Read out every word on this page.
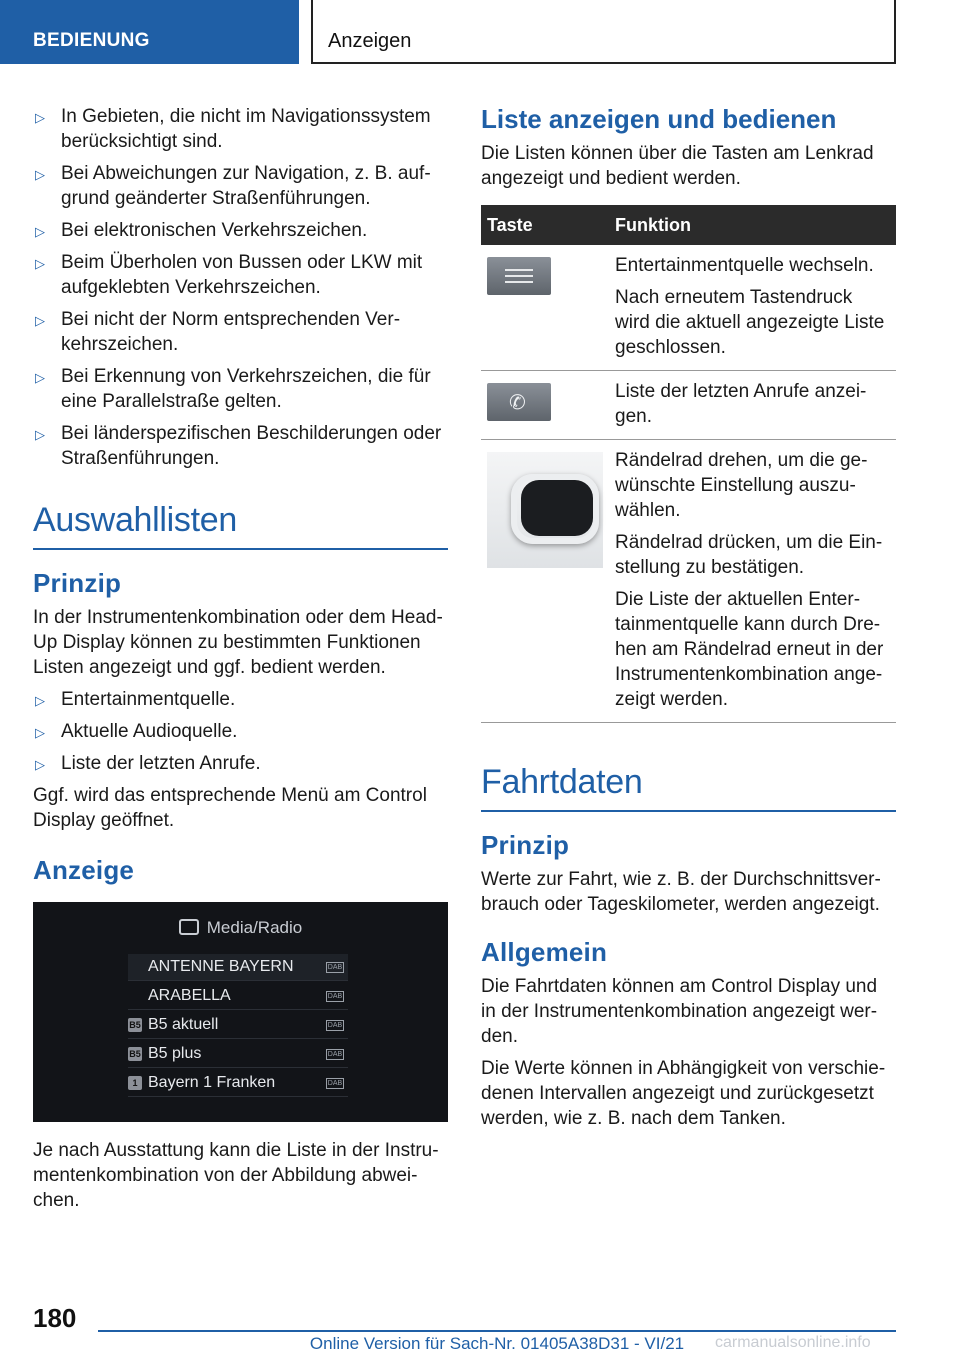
BEDIENUNG	Anzeigen
▷ In Gebieten, die nicht im Navigationssystem berücksichtigt sind.
▷ Bei Abweichungen zur Navigation, z. B. aufgrund geänderter Straßenführungen.
▷ Bei elektronischen Verkehrszeichen.
▷ Beim Überholen von Bussen oder LKW mit aufgeklebten Verkehrszeichen.
▷ Bei nicht der Norm entsprechenden Verkehrszeichen.
▷ Bei Erkennung von Verkehrszeichen, die für eine Parallelstraße gelten.
▷ Bei länderspezifischen Beschilderungen oder Straßenführungen.
Auswahllisten
Prinzip

In der Instrumentenkombination oder dem Head-Up Display können zu bestimmten Funktionen Listen angezeigt und ggf. bedient werden.

▷ Entertainmentquelle.
▷ Aktuelle Audioquelle.
▷ Liste der letzten Anrufe.

Ggf. wird das entsprechende Menü am Control Display geöffnet.

Anzeige
Media/Radio
ANTENNE BAYERN	DAB
ARABELLA	DAB
B5 B5 aktuell	DAB
B5 B5 plus	DAB
1 Bayern 1 Franken	DAB

Je nach Ausstattung kann die Liste in der Instrumentenkombination von der Abbildung abweichen.

Liste anzeigen und bedienen

Die Listen können über die Tasten am Lenkrad angezeigt und bedient werden.

Taste	Funktion

	Entertainmentquelle wechseln.

Nach erneutem Tastendruck wird die aktuell angezeigte Liste geschlossen.

✆	Liste der letzten Anrufe anzeigen.

	Rändelrad drehen, um die gewünschte Einstellung auszuwählen.

Rändelrad drücken, um die Einstellung zu bestätigen.

Die Liste der aktuellen Entertainmentquelle kann durch Drehen am Rändelrad erneut in der Instrumentenkombination angezeigt werden.

Fahrtdaten
Prinzip

Werte zur Fahrt, wie z. B. der Durchschnittsverbrauch oder Tageskilometer, werden angezeigt.

Allgemein

Die Fahrtdaten können am Control Display und in der Instrumentenkombination angezeigt werden.

Die Werte können in Abhängigkeit von verschiedenen Intervallen angezeigt und zurückgesetzt werden, wie z. B. nach dem Tanken.

180
Online Version für Sach-Nr. 01405A38D31 - VI/21	carmanualsonline.info
